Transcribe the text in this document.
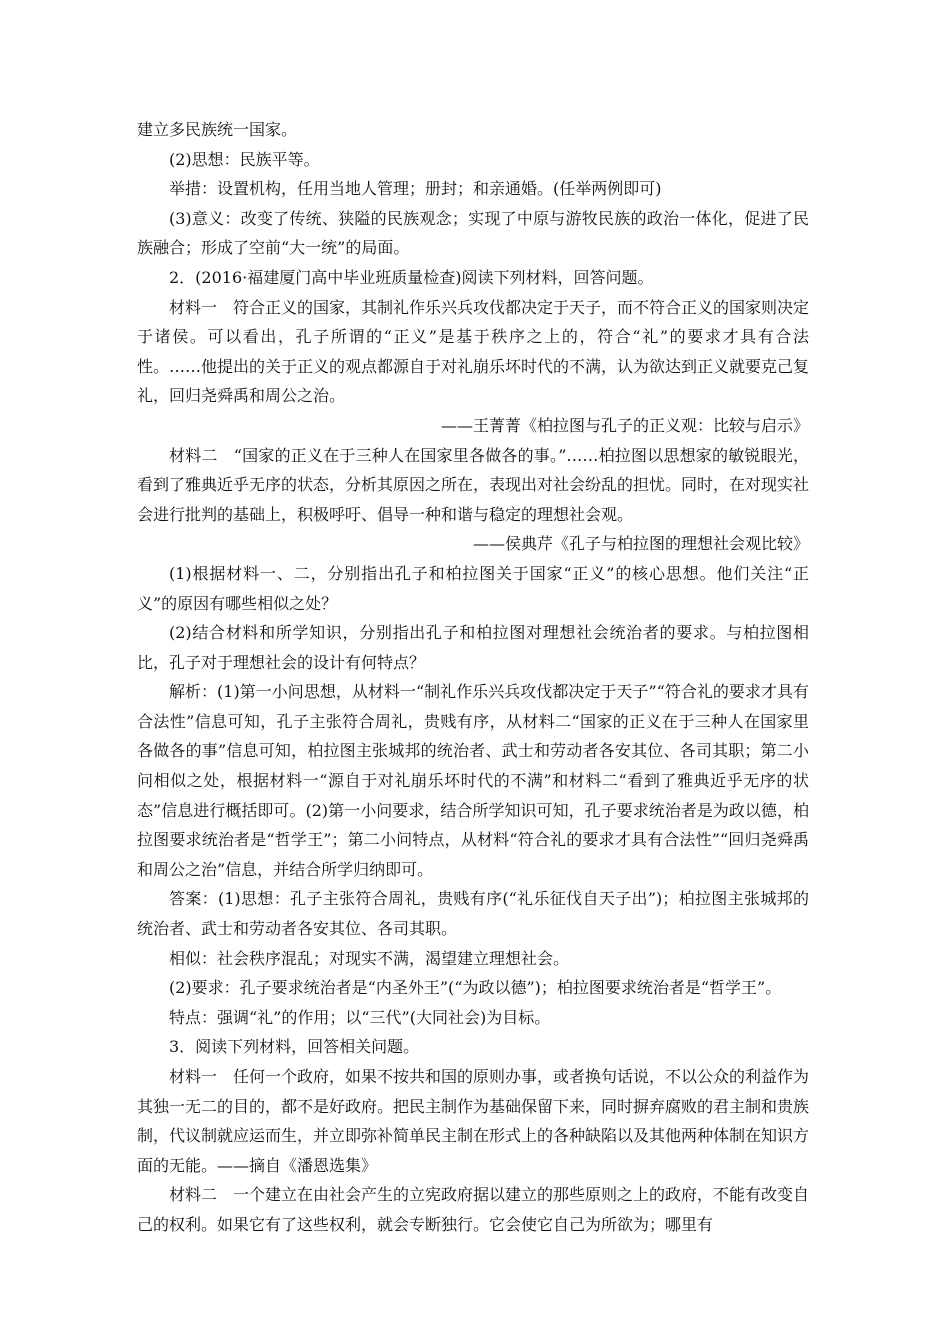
建立多民族统一国家。

(2)思想：民族平等。

举措：设置机构，任用当地人管理；册封；和亲通婚。(任举两例即可)

(3)意义：改变了传统、狭隘的民族观念；实现了中原与游牧民族的政治一体化，促进了民族融合；形成了空前“大一统”的局面。

2．(2016·福建厦门高中毕业班质量检查)阅读下列材料，回答问题。

材料一　符合正义的国家，其制礼作乐兴兵攻伐都决定于天子，而不符合正义的国家则决定于诸侯。可以看出，孔子所谓的“正义”是基于秩序之上的，符合“礼”的要求才具有合法性。……他提出的关于正义的观点都源自于对礼崩乐坏时代的不满，认为欲达到正义就要克己复礼，回归尧舜禹和周公之治。

——王菁菁《柏拉图与孔子的正义观：比较与启示》

材料二　“国家的正义在于三种人在国家里各做各的事。”……柏拉图以思想家的敏锐眼光，看到了雅典近乎无序的状态，分析其原因之所在，表现出对社会纷乱的担忧。同时，在对现实社会进行批判的基础上，积极呼吁、倡导一种和谐与稳定的理想社会观。

——侯典芹《孔子与柏拉图的理想社会观比较》

(1)根据材料一、二，分别指出孔子和柏拉图关于国家“正义”的核心思想。他们关注“正义”的原因有哪些相似之处？

(2)结合材料和所学知识，分别指出孔子和柏拉图对理想社会统治者的要求。与柏拉图相比，孔子对于理想社会的设计有何特点？

解析：(1)第一小问思想，从材料一“制礼作乐兴兵攻伐都决定于天子”“符合礼的要求才具有合法性”信息可知，孔子主张符合周礼，贵贱有序，从材料二“国家的正义在于三种人在国家里各做各的事”信息可知，柏拉图主张城邦的统治者、武士和劳动者各安其位、各司其职；第二小问相似之处，根据材料一“源自于对礼崩乐坏时代的不满”和材料二“看到了雅典近乎无序的状态”信息进行概括即可。(2)第一小问要求，结合所学知识可知，孔子要求统治者是为政以德，柏拉图要求统治者是“哲学王”；第二小问特点，从材料“符合礼的要求才具有合法性”“回归尧舜禹和周公之治”信息，并结合所学归纳即可。

答案：(1)思想：孔子主张符合周礼，贵贱有序(“礼乐征伐自天子出”)；柏拉图主张城邦的统治者、武士和劳动者各安其位、各司其职。

相似：社会秩序混乱；对现实不满，渴望建立理想社会。

(2)要求：孔子要求统治者是“内圣外王”(“为政以德”)；柏拉图要求统治者是“哲学王”。

特点：强调“礼”的作用；以“三代”(大同社会)为目标。

3．阅读下列材料，回答相关问题。

材料一　任何一个政府，如果不按共和国的原则办事，或者换句话说，不以公众的利益作为其独一无二的目的，都不是好政府。把民主制作为基础保留下来，同时摒弃腐败的君主制和贵族制，代议制就应运而生，并立即弥补简单民主制在形式上的各种缺陷以及其他两种体制在知识方面的无能。——摘自《潘恩选集》

材料二　一个建立在由社会产生的立宪政府据以建立的那些原则之上的政府，不能有改变自己的权利。如果它有了这些权利，就会专断独行。它会使它自己为所欲为；哪里有
